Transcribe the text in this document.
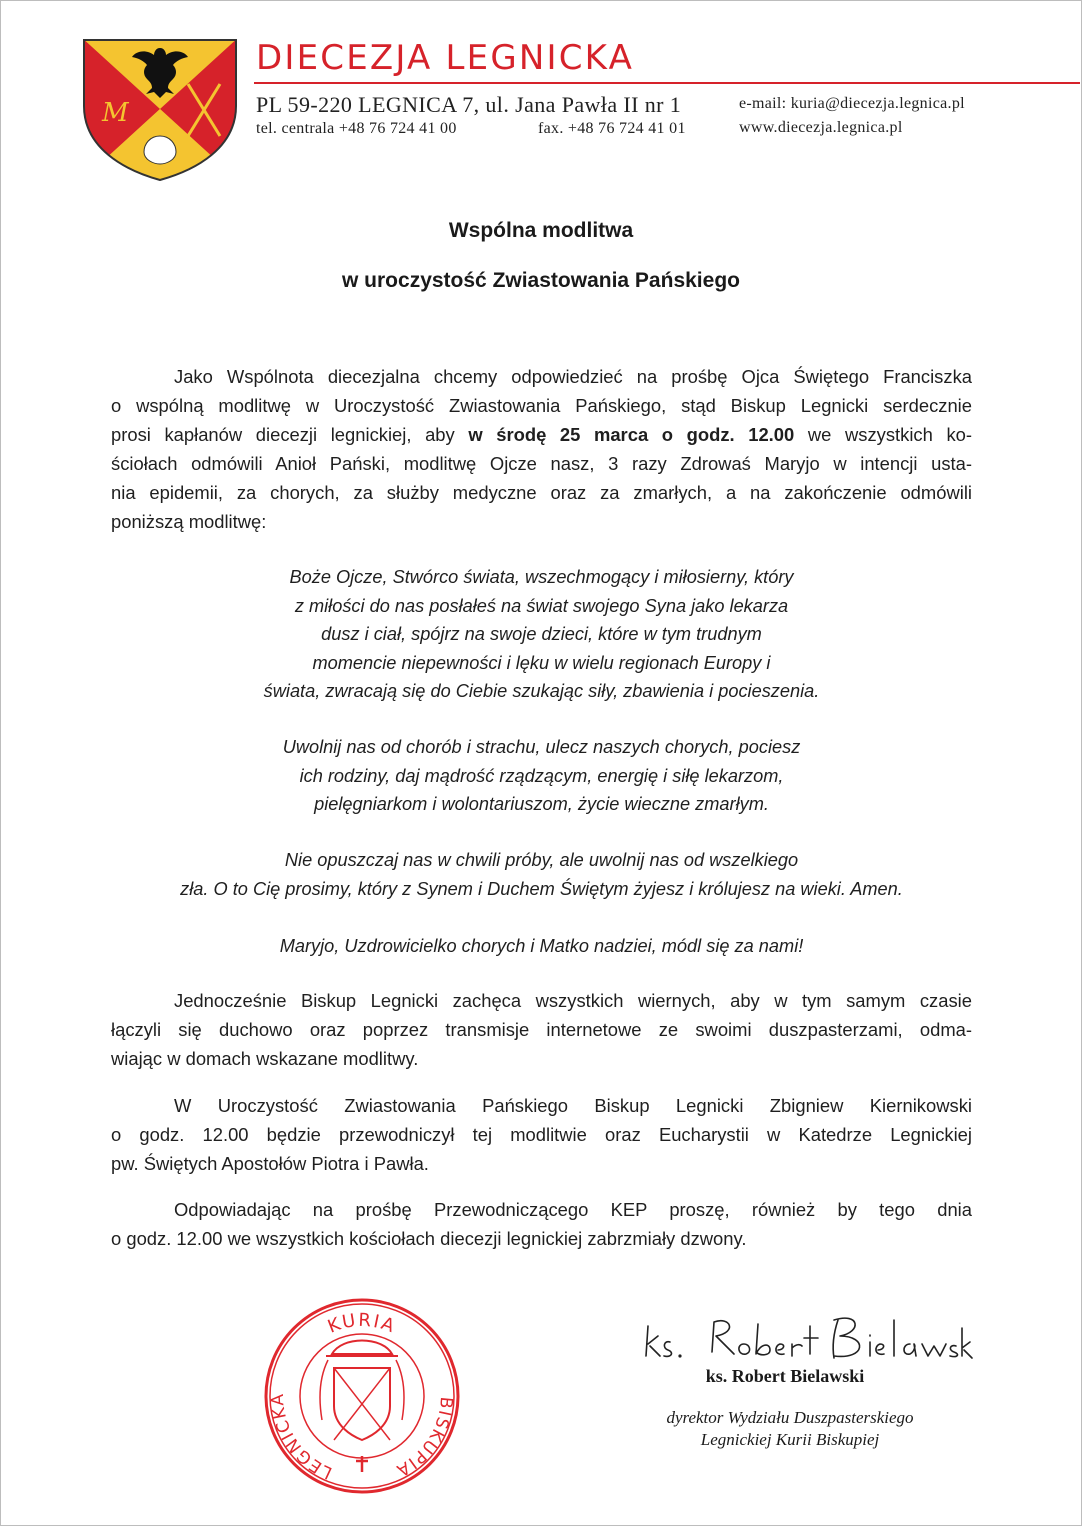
M
DIECEZJA LEGNICKA
PL 59-220 LEGNICA 7, ul. Jana Pawła II nr 1
tel. centrala +48 76 724 41 00	fax. +48 76 724 41 01
e-mail: kuria@diecezja.legnica.pl
www.diecezja.legnica.pl
Wspólna modlitwa
w uroczystość Zwiastowania Pańskiego
Jako Wspólnota diecezjalna chcemy odpowiedzieć na prośbę Ojca Świętego Franciszka
o wspólną modlitwę w Uroczystość Zwiastowania Pańskiego, stąd Biskup Legnicki serdecznie
prosi kapłanów diecezji legnickiej, aby w środę 25 marca o godz. 12.00 we wszystkich ko-
ściołach odmówili Anioł Pański, modlitwę Ojcze nasz, 3 razy Zdrowaś Maryjo w intencji usta-
nia epidemii, za chorych, za służby medyczne oraz za zmarłych, a na zakończenie odmówili
poniższą modlitwę:
Boże Ojcze, Stwórco świata, wszechmogący i miłosierny, który
z miłości do nas posłałeś na świat swojego Syna jako lekarza
dusz i ciał, spójrz na swoje dzieci, które w tym trudnym
momencie niepewności i lęku w wielu regionach Europy i
świata, zwracają się do Ciebie szukając siły, zbawienia i pocieszenia.
Uwolnij nas od chorób i strachu, ulecz naszych chorych, pociesz
ich rodziny, daj mądrość rządzącym, energię i siłę lekarzom,
pielęgniarkom i wolontariuszom, życie wieczne zmarłym.
Nie opuszczaj nas w chwili próby, ale uwolnij nas od wszelkiego
zła. O to Cię prosimy, który z Synem i Duchem Świętym żyjesz i królujesz na wieki. Amen.
Maryjo, Uzdrowicielko chorych i Matko nadziei, módl się za nami!
Jednocześnie Biskup Legnicki zachęca wszystkich wiernych, aby w tym samym czasie
łączyli się duchowo oraz poprzez transmisje internetowe ze swoimi duszpasterzami, odma-
wiając w domach wskazane modlitwy.
W Uroczystość Zwiastowania Pańskiego Biskup Legnicki Zbigniew Kiernikowski
o godz. 12.00 będzie przewodniczył tej modlitwie oraz Eucharystii w Katedrze Legnickiej
pw. Świętych Apostołów Piotra i Pawła.
Odpowiadając na prośbę Przewodniczącego KEP proszę, również by tego dnia
o godz. 12.00 we wszystkich kościołach diecezji legnickiej zabrzmiały dzwony.
KURIA
LEGNICKA	BISKUPIA
ks. Robert Bielawski
dyrektor Wydziału Duszpasterskiego
Legnickiej Kurii Biskupiej
